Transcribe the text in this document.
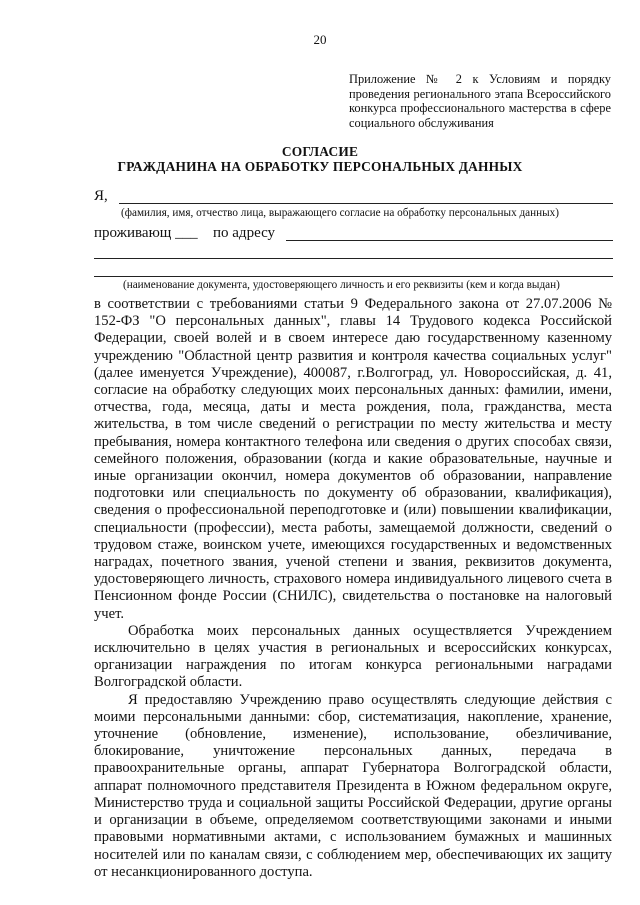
20
Приложение № 2 к Условиям и порядку проведения регионального этапа Всероссийского конкурса профессионального мастерства в сфере социального обслуживания
СОГЛАСИЕ
ГРАЖДАНИНА НА ОБРАБОТКУ ПЕРСОНАЛЬНЫХ ДАННЫХ
Я,
(фамилия, имя, отчество лица, выражающего согласие на обработку персональных данных)
проживающ ___ по адресу
(наименование документа, удостоверяющего личность и его реквизиты (кем и когда выдан)

в соответствии с требованиями статьи 9 Федерального закона от 27.07.2006 № 152-ФЗ "О персональных данных", главы 14 Трудового кодекса Российской Федерации, своей волей и в своем интересе даю государственному казенному учреждению "Областной центр развития и контроля качества социальных услуг" (далее именуется Учреждение), 400087, г.Волгоград, ул. Новороссийская, д. 41, согласие на обработку следующих моих персональных данных: фамилии, имени, отчества, года, месяца, даты и места рождения, пола, гражданства, места жительства, в том числе сведений о регистрации по месту жительства и месту пребывания, номера контактного телефона или сведения о других способах связи, семейного положения, образовании (когда и какие образовательные, научные и иные организации окончил, номера документов об образовании, направление подготовки или специальность по документу об образовании, квалификация), сведения о профессиональной переподготовке и (или) повышении квалификации, специальности (профессии), места работы, замещаемой должности, сведений о трудовом стаже, воинском учете, имеющихся государственных и ведомственных наградах, почетного звания, ученой степени и звания, реквизитов документа, удостоверяющего личность, страхового номера индивидуального лицевого счета в Пенсионном фонде России (СНИЛС), свидетельства о постановке на налоговый учет.

Обработка моих персональных данных осуществляется Учреждением исключительно в целях участия в региональных и всероссийских конкурсах, организации награждения по итогам конкурса региональными наградами Волгоградской области.

Я предоставляю Учреждению право осуществлять следующие действия с моими персональными данными: сбор, систематизация, накопление, хранение, уточнение (обновление, изменение), использование, обезличивание, блокирование, уничтожение персональных данных, передача в правоохранительные органы, аппарат Губернатора Волгоградской области, аппарат полномочного представителя Президента в Южном федеральном округе, Министерство труда и социальной защиты Российской Федерации, другие органы и организации в объеме, определяемом соответствующими законами и иными правовыми нормативными актами, с использованием бумажных и машинных носителей или по каналам связи, с соблюдением мер, обеспечивающих их защиту от несанкционированного доступа.
